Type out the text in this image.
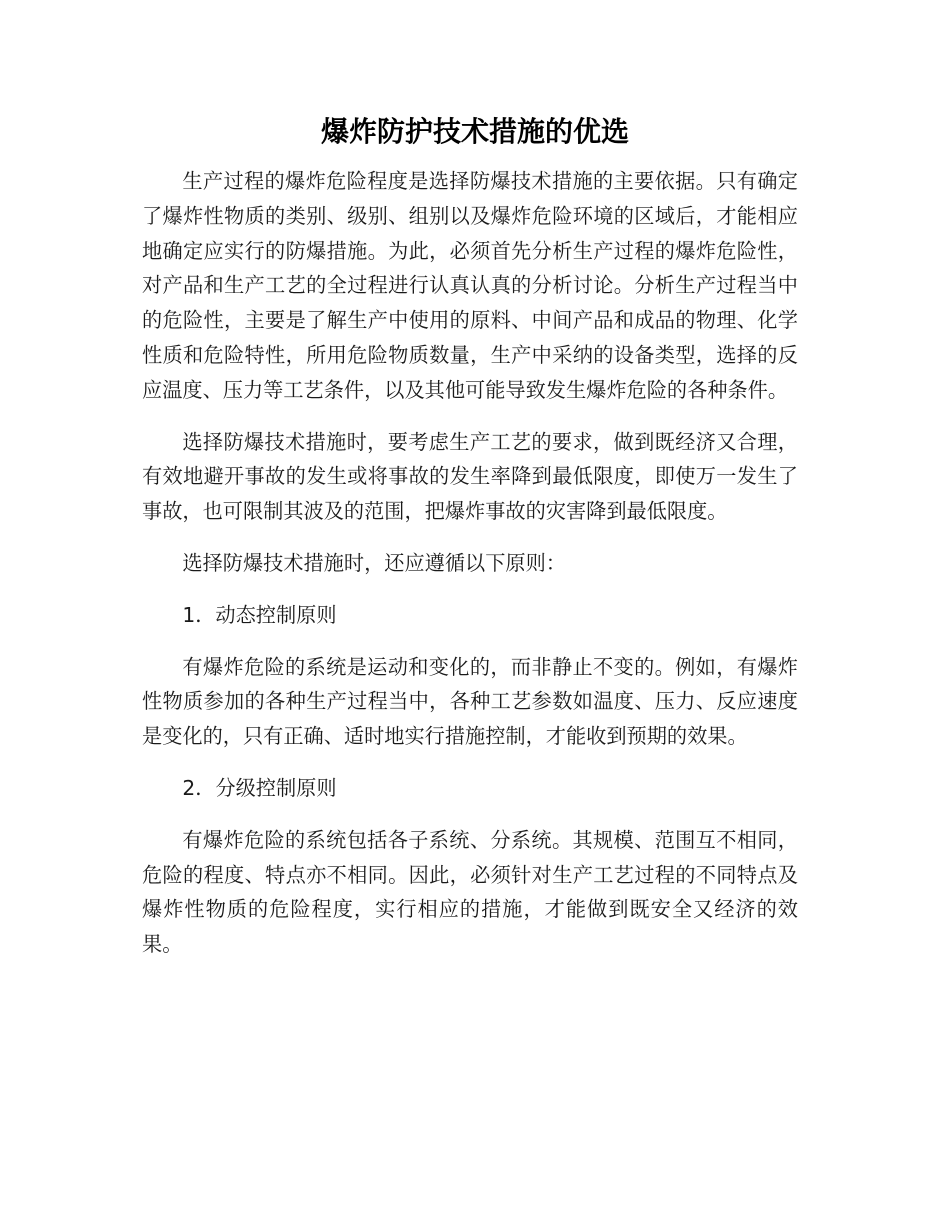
爆炸防护技术措施的优选

生产过程的爆炸危险程度是选择防爆技术措施的主要依据。只有确定了爆炸性物质的类别、级别、组别以及爆炸危险环境的区域后，才能相应地确定应实行的防爆措施。为此，必须首先分析生产过程的爆炸危险性，对产品和生产工艺的全过程进行认真认真的分析讨论。分析生产过程当中的危险性，主要是了解生产中使用的原料、中间产品和成品的物理、化学性质和危险特性，所用危险物质数量，生产中采纳的设备类型，选择的反应温度、压力等工艺条件，以及其他可能导致发生爆炸危险的各种条件。

选择防爆技术措施时，要考虑生产工艺的要求，做到既经济又合理，有效地避开事故的发生或将事故的发生率降到最低限度，即使万一发生了事故，也可限制其波及的范围，把爆炸事故的灾害降到最低限度。

选择防爆技术措施时，还应遵循以下原则：

1．动态控制原则

有爆炸危险的系统是运动和变化的，而非静止不变的。例如，有爆炸性物质参加的各种生产过程当中，各种工艺参数如温度、压力、反应速度是变化的，只有正确、适时地实行措施控制，才能收到预期的效果。

2．分级控制原则

有爆炸危险的系统包括各子系统、分系统。其规模、范围互不相同，危险的程度、特点亦不相同。因此，必须针对生产工艺过程的不同特点及爆炸性物质的危险程度，实行相应的措施，才能做到既安全又经济的效果。
